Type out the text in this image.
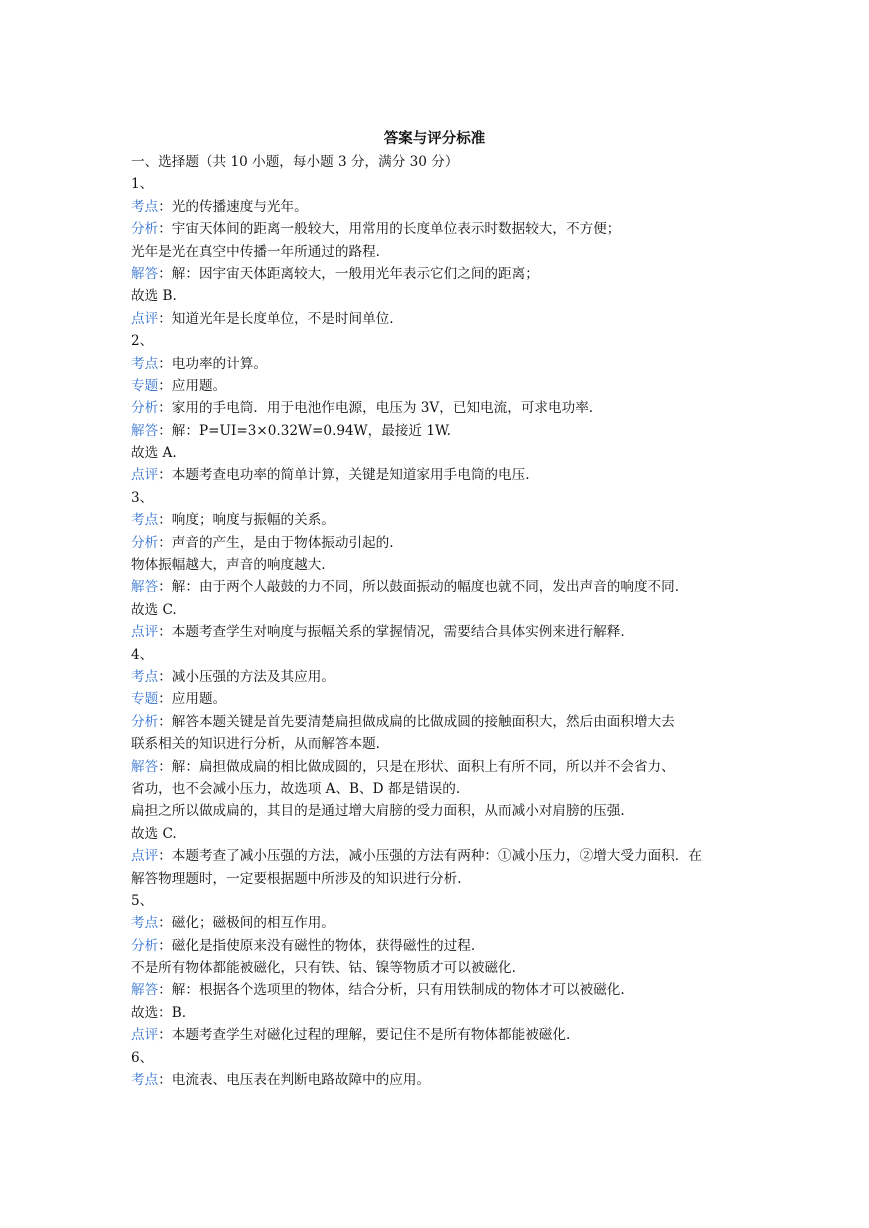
答案与评分标准
一、选择题（共 10 小题，每小题 3 分，满分 30 分）
1、
考点：光的传播速度与光年。
分析：宇宙天体间的距离一般较大，用常用的长度单位表示时数据较大，不方便；
光年是光在真空中传播一年所通过的路程.
解答：解：因宇宙天体距离较大，一般用光年表示它们之间的距离；
故选 B.
点评：知道光年是长度单位，不是时间单位.
2、
考点：电功率的计算。
专题：应用题。
分析：家用的手电筒．用于电池作电源，电压为 3V，已知电流，可求电功率.
解答：解：P=UI=3×0.32W=0.94W，最接近 1W.
故选 A.
点评：本题考查电功率的简单计算，关键是知道家用手电筒的电压.
3、
考点：响度；响度与振幅的关系。
分析：声音的产生，是由于物体振动引起的.
物体振幅越大，声音的响度越大.
解答：解：由于两个人敲鼓的力不同，所以鼓面振动的幅度也就不同，发出声音的响度不同.
故选 C.
点评：本题考查学生对响度与振幅关系的掌握情况，需要结合具体实例来进行解释.
4、
考点：减小压强的方法及其应用。
专题：应用题。
分析：解答本题关键是首先要清楚扁担做成扁的比做成圆的接触面积大，然后由面积增大去
联系相关的知识进行分析，从而解答本题.
解答：解：扁担做成扁的相比做成圆的，只是在形状、面积上有所不同，所以并不会省力、
省功，也不会减小压力，故选项 A、B、D 都是错误的.
扁担之所以做成扁的，其目的是通过增大肩膀的受力面积，从而减小对肩膀的压强.
故选 C.
点评：本题考查了减小压强的方法，减小压强的方法有两种：①减小压力，②增大受力面积．在
解答物理题时，一定要根据题中所涉及的知识进行分析.
5、
考点：磁化；磁极间的相互作用。
分析：磁化是指使原来没有磁性的物体，获得磁性的过程.
不是所有物体都能被磁化，只有铁、钴、镍等物质才可以被磁化.
解答：解：根据各个选项里的物体，结合分析，只有用铁制成的物体才可以被磁化.
故选：B.
点评：本题考查学生对磁化过程的理解，要记住不是所有物体都能被磁化.
6、
考点：电流表、电压表在判断电路故障中的应用。
